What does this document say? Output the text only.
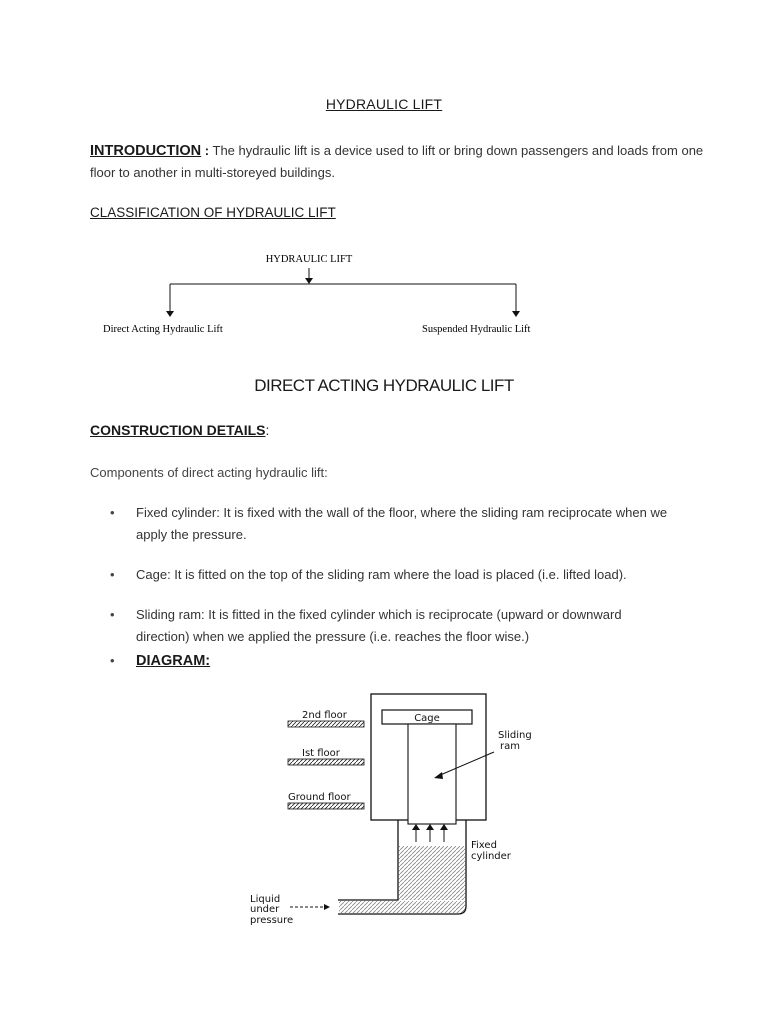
HYDRAULIC LIFT
INTRODUCTION : The hydraulic lift is a device used to lift or bring down passengers and loads from one floor to another in multi-storeyed buildings.
CLASSIFICATION OF HYDRAULIC LIFT
HYDRAULIC LIFT
Direct Acting Hydraulic Lift	Suspended Hydraulic Lift
DIRECT ACTING HYDRAULIC LIFT
CONSTRUCTION DETAILS:
Components of direct acting hydraulic lift:
• Fixed cylinder: It is fixed with the wall of the floor, where the sliding ram reciprocate when we apply the pressure.
• Cage: It is fitted on the top of the sliding ram where the load is placed (i.e. lifted load).
• Sliding ram: It is fitted in the fixed cylinder which is reciprocate (upward or downward direction) when we applied the pressure (i.e. reaches the floor wise.)
• DIAGRAM:
2nd floor
Ist floor
Ground floor
Cage
Sliding
ram
Fixed
cylinder
Liquid
under
pressure
